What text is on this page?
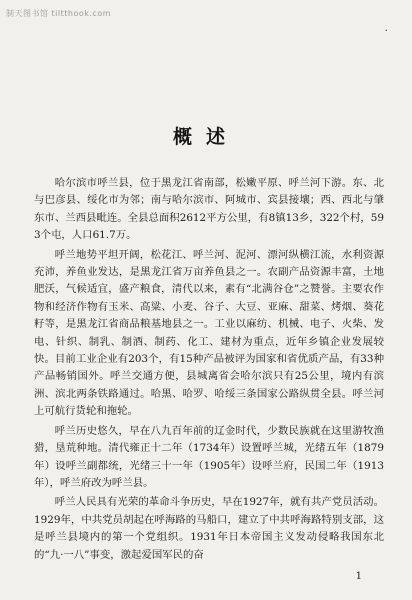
制天图书馆 tiltthook.com
·
概述

哈尔滨市呼兰县，位于黑龙江省南部，松嫩平原、呼兰河下游。东、北与巴彦县、绥化市为邻；南与哈尔滨市、阿城市、宾县接壤；西、西北与肇东市、兰西县毗连。全县总面积2612平方公里，有8镇13乡，322个村，593个屯，人口61.7万。

呼兰地势平坦开阔，松花江、呼兰河、泥河、漂河纵横江流，水利资源充沛，养鱼业发达，是黑龙江省万亩养鱼县之一。农副产品资源丰富，土地肥沃，气候适宜，盛产粮食，清代以来，素有“北满谷仓”之赞誉。主要农作物和经济作物有玉米、高粱、小麦、谷子、大豆、亚麻、甜菜、烤烟、葵花籽等，是黑龙江省商品粮基地县之一。工业以麻纺、机械、电子、火柴、发电、针织、制乳、制酒、制药、化工、建材为重点，近年乡镇企业发展较快。目前工业企业有203个，有15种产品被评为国家和省优质产品，有33种产品畅销国外。呼兰交通方便，县城离省会哈尔滨只有25公里，境内有滨洲、滨北两条铁路通过。哈黑、哈罗、哈绥三条国家公路纵贯全县。呼兰河上可航行货轮和拖轮。

呼兰历史悠久，早在八九百年前的辽金时代，少数民族就在这里游牧渔猎，垦荒种地。清代雍正十二年（1734年）设置呼兰城，光绪五年（1879年）设呼兰副都统，光绪三十一年（1905年）设呼兰府，民国二年（1913年），呼兰府改为呼兰县。

呼兰人民具有光荣的革命斗争历史，早在1927年，就有共产党员活动。1929年，中共党员胡起在呼海路的马船口，建立了中共呼海路特别支部，这是呼兰县境内的第一个党组织。1931年日本帝国主义发动侵略我国东北的“九·一八”事变，激起爱国军民的奋

1
